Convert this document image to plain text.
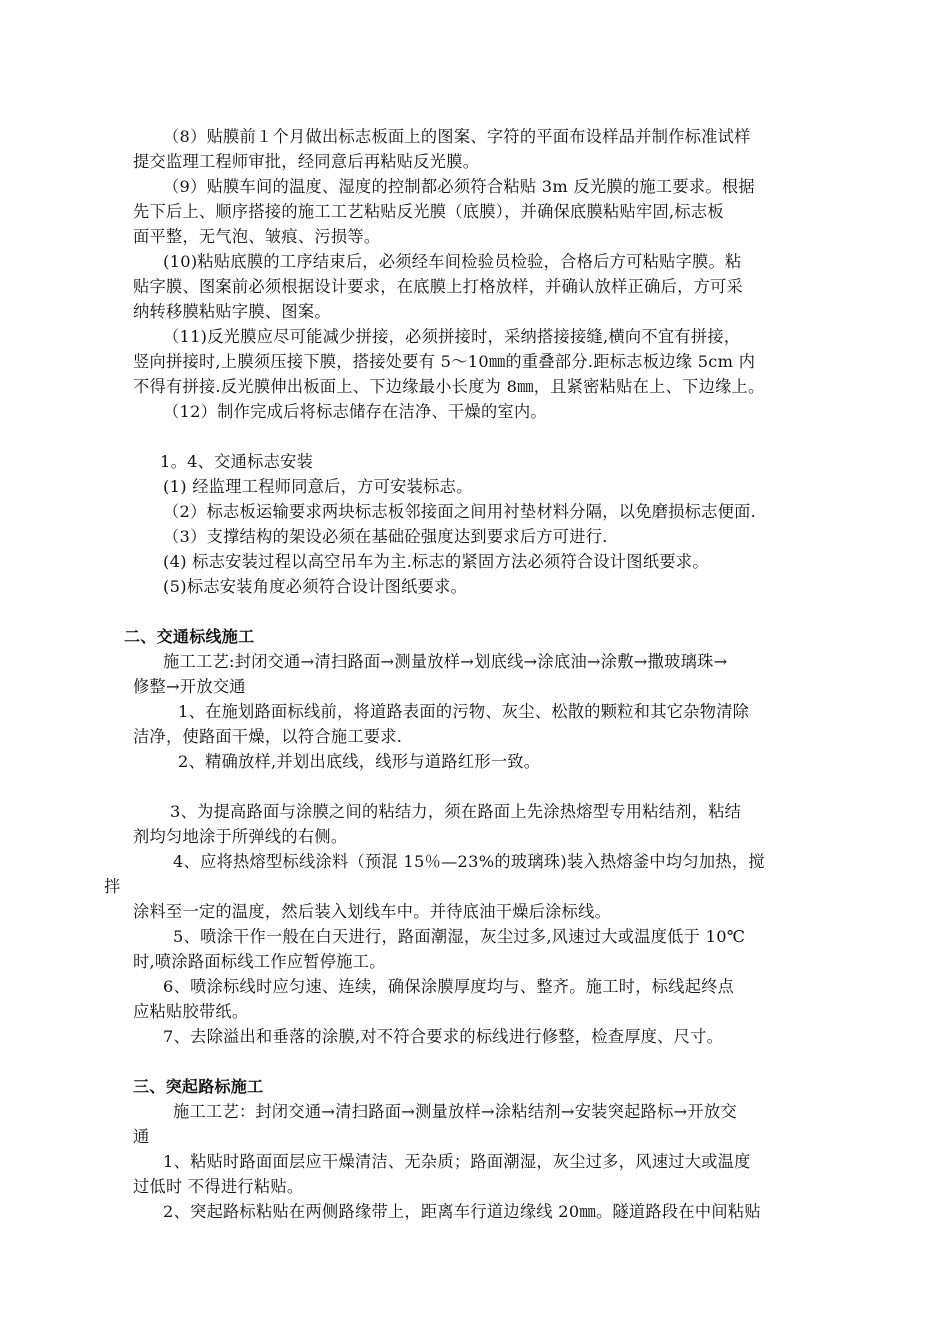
（8）贴膜前１个月做出标志板面上的图案、字符的平面布设样品并制作标准试样
提交监理工程师审批，经同意后再粘贴反光膜。
（9）贴膜车间的温度、湿度的控制都必须符合粘贴 3m 反光膜的施工要求。根据
先下后上、顺序搭接的施工工艺粘贴反光膜（底膜），并确保底膜粘贴牢固,标志板
面平整，无气泡、皱痕、污损等。
(10)粘贴底膜的工序结束后，必须经车间检验员检验，合格后方可粘贴字膜。粘
贴字膜、图案前必须根据设计要求，在底膜上打格放样，并确认放样正确后，方可采
纳转移膜粘贴字膜、图案。
（11)反光膜应尽可能减少拼接，必须拼接时，采纳搭接接缝,横向不宜有拼接，
竖向拼接时,上膜须压接下膜，搭接处要有 5～10㎜的重叠部分.距标志板边缘 5cm 内
不得有拼接.反光膜伸出板面上、下边缘最小长度为 8㎜，且紧密粘贴在上、下边缘上。
（12）制作完成后将标志储存在洁净、干燥的室内。
1。4、交通标志安装
(1) 经监理工程师同意后，方可安装标志。
（2）标志板运输要求两块标志板邻接面之间用衬垫材料分隔，以免磨损标志便面.
（3）支撑结构的架设必须在基础砼强度达到要求后方可进行.
(4) 标志安装过程以高空吊车为主.标志的紧固方法必须符合设计图纸要求。
(5)标志安装角度必须符合设计图纸要求。
二、交通标线施工
施工工艺:封闭交通→清扫路面→测量放样→划底线→涂底油→涂敷→撒玻璃珠→
修整→开放交通
1、在施划路面标线前，将道路表面的污物、灰尘、松散的颗粒和其它杂物清除
洁净，使路面干燥，以符合施工要求.
2、精确放样,并划出底线，线形与道路红形一致。
3、为提高路面与涂膜之间的粘结力，须在路面上先涂热熔型专用粘结剂，粘结
剂均匀地涂于所弹线的右侧。
4、应将热熔型标线涂料（预混 15％—23%的玻璃珠)装入热熔釜中均匀加热，搅
拌
涂料至一定的温度，然后装入划线车中。并待底油干燥后涂标线。
5、喷涂干作一般在白天进行，路面潮湿，灰尘过多,风速过大或温度低于 10℃
时,喷涂路面标线工作应暂停施工。
6、喷涂标线时应匀速、连续，确保涂膜厚度均与、整齐。施工时，标线起终点
应粘贴胶带纸。
7、去除溢出和垂落的涂膜,对不符合要求的标线进行修整，检查厚度、尺寸。
三、突起路标施工
施工工艺：封闭交通→清扫路面→测量放样→涂粘结剂→安装突起路标→开放交
通
1、粘贴时路面面层应干燥清洁、无杂质；路面潮湿，灰尘过多，风速过大或温度
过低时 不得进行粘贴。
2、突起路标粘贴在两侧路缘带上，距离车行道边缘线 20㎜。隧道路段在中间粘贴
